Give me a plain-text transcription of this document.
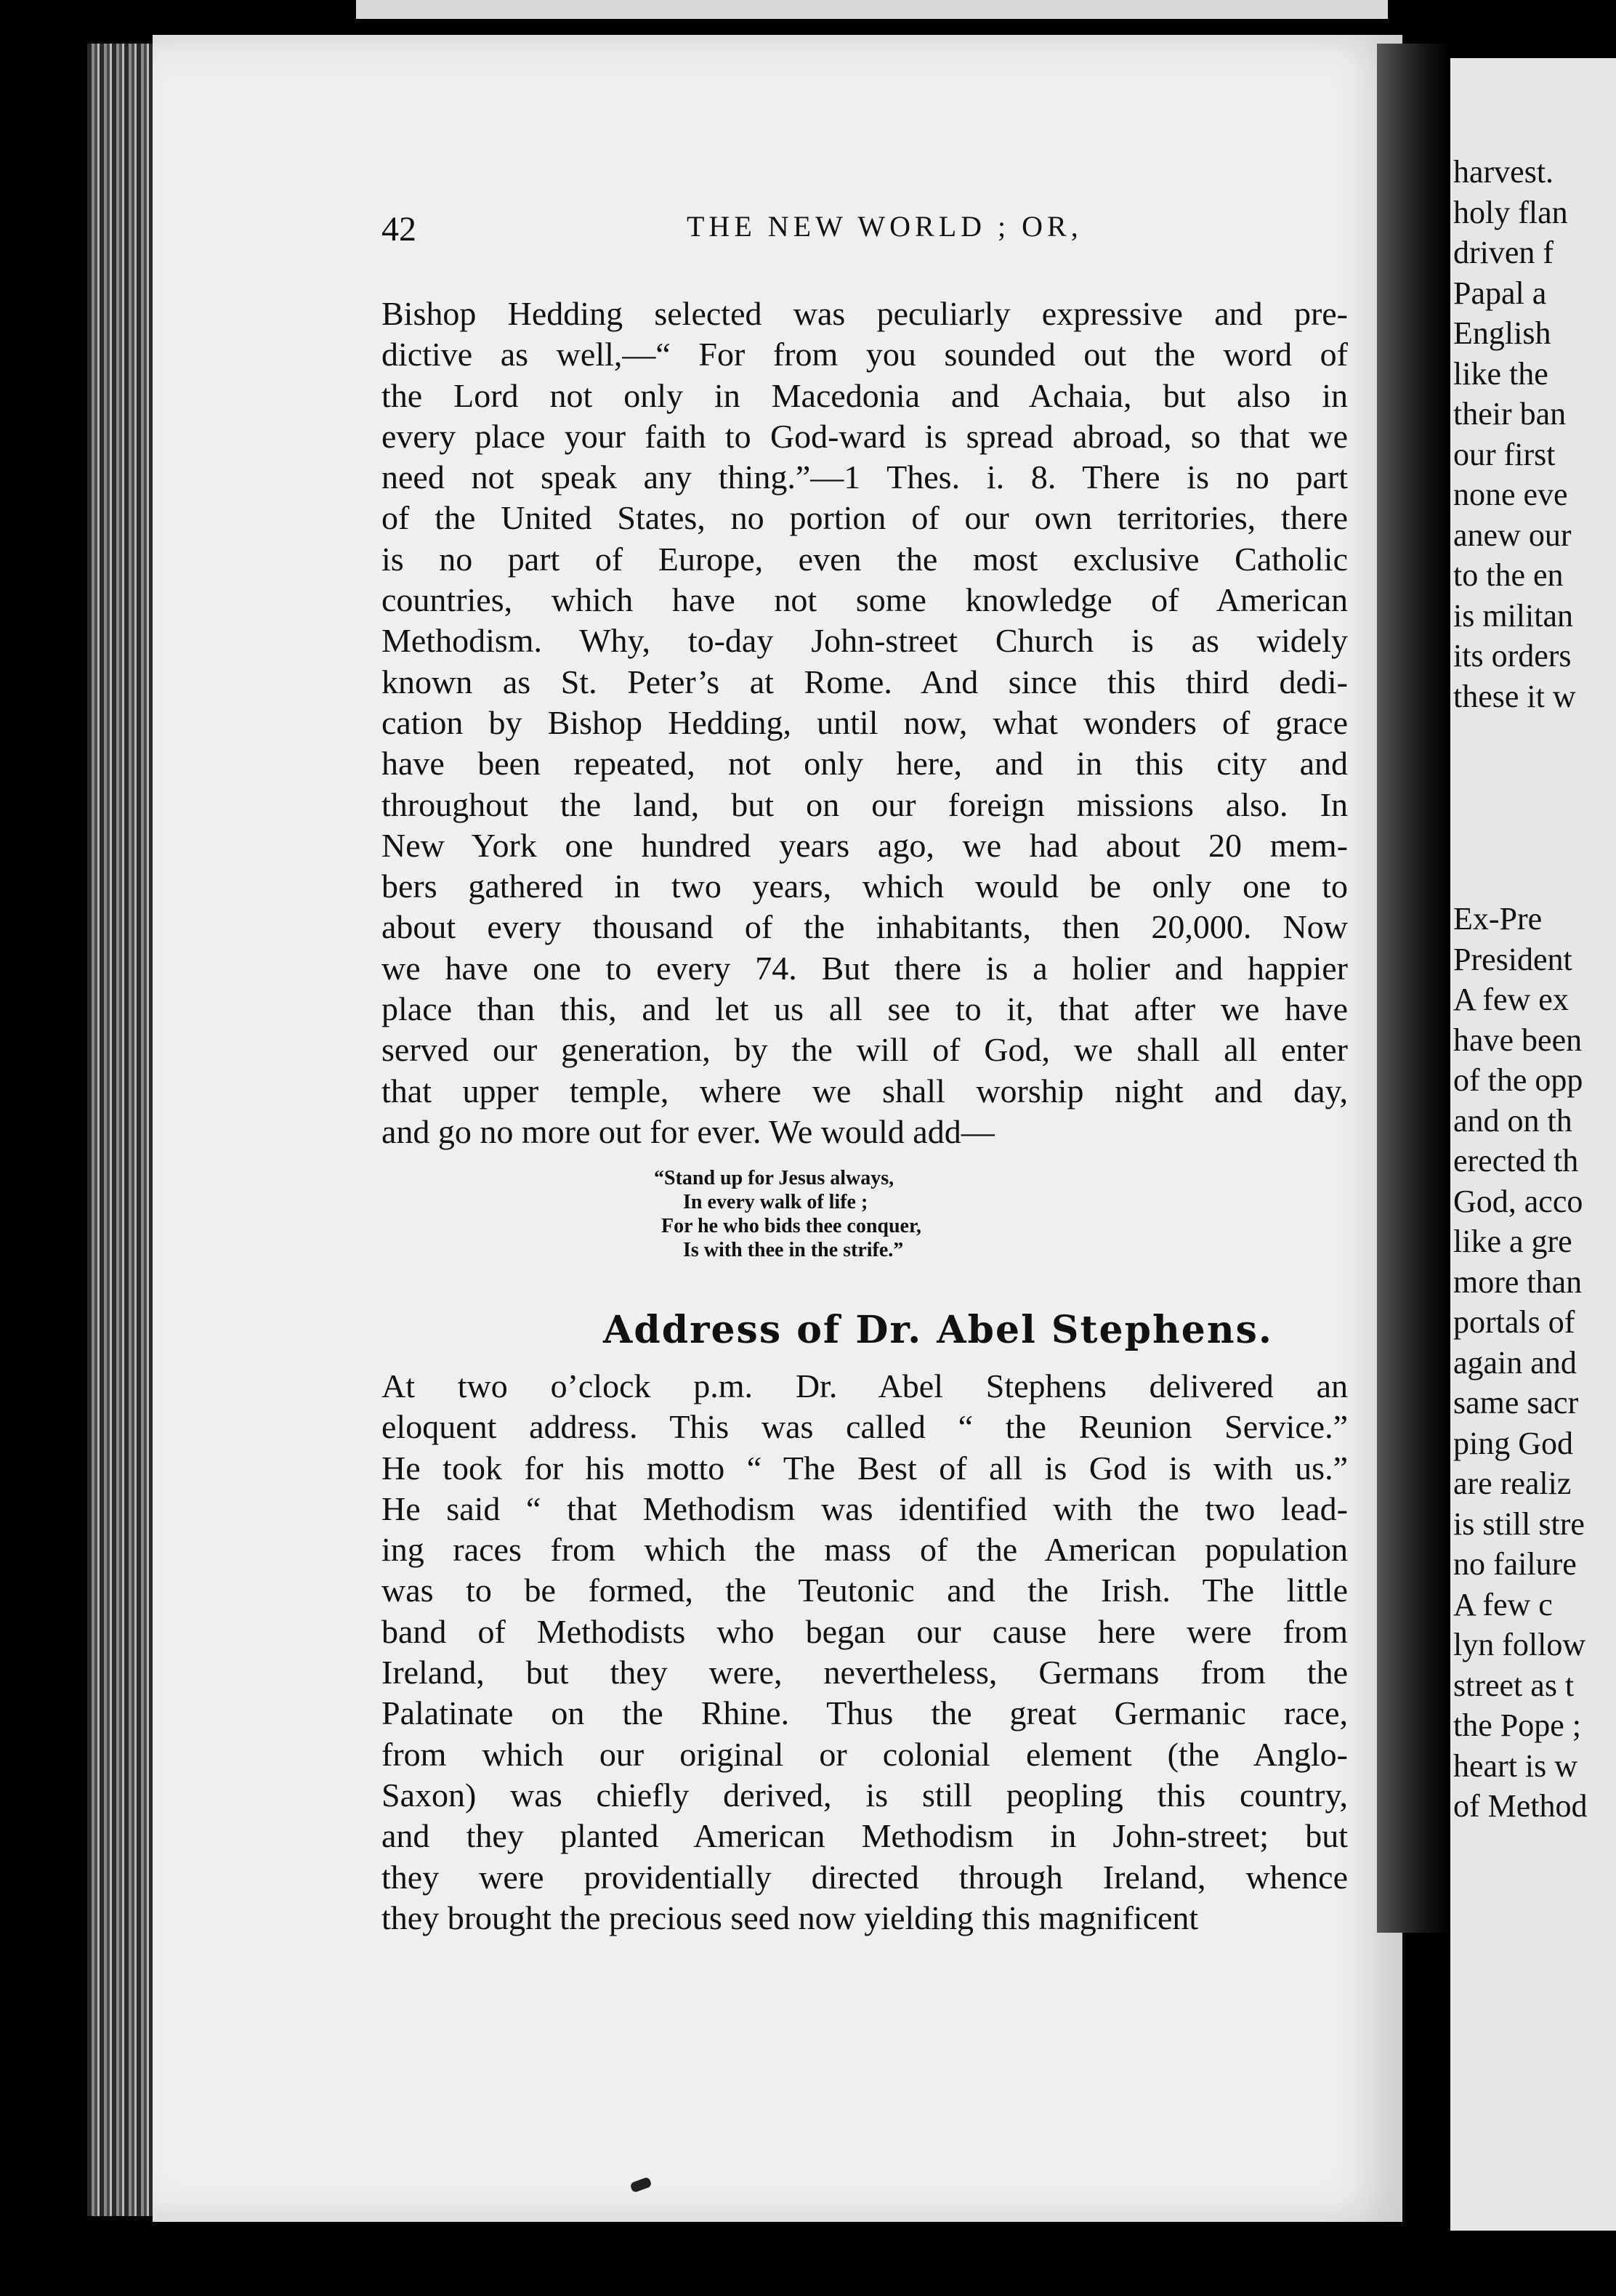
42	THE NEW WORLD ; OR,
Bishop Hedding selected was peculiarly expressive and pre-
dictive as well,—“ For from you sounded out the word of
the Lord not only in Macedonia and Achaia, but also in
every place your faith to God-ward is spread abroad, so that we
need not speak any thing.”—1 Thes. i. 8. There is no part
of the United States, no portion of our own territories, there
is no part of Europe, even the most exclusive Catholic
countries, which have not some knowledge of American
Methodism. Why, to-day John-street Church is as widely
known as St. Peter’s at Rome. And since this third dedi-
cation by Bishop Hedding, until now, what wonders of grace
have been repeated, not only here, and in this city and
throughout the land, but on our foreign missions also. In
New York one hundred years ago, we had about 20 mem-
bers gathered in two years, which would be only one to
about every thousand of the inhabitants, then 20,000. Now
we have one to every 74. But there is a holier and happier
place than this, and let us all see to it, that after we have
served our generation, by the will of God, we shall all enter
that upper temple, where we shall worship night and day,
and go no more out for ever. We would add—
“Stand up for Jesus always,
In every walk of life ;
For he who bids thee conquer,
Is with thee in the strife.”
Address of Dr. Abel Stephens.
At two o’clock p.m. Dr. Abel Stephens delivered an
eloquent address. This was called “ the Reunion Service.”
He took for his motto “ The Best of all is God is with us.”
He said “ that Methodism was identified with the two lead-
ing races from which the mass of the American population
was to be formed, the Teutonic and the Irish. The little
band of Methodists who began our cause here were from
Ireland, but they were, nevertheless, Germans from the
Palatinate on the Rhine. Thus the great Germanic race,
from which our original or colonial element (the Anglo-
Saxon) was chiefly derived, is still peopling this country,
and they planted American Methodism in John-street; but
they were providentially directed through Ireland, whence
they brought the precious seed now yielding this magnificent
harvest.
holy flan
driven f
Papal a
English
like the
their ban
our first
none eve
anew our
to the en
is militan
its orders
these it w
Ex-Pre
President
A few ex
have been
of the opp
and on th
erected th
God, acco
like a gre
more than
portals of
again and
same sacr
ping God
are realiz
is still stre
no failure
A few c
lyn follow
street as t
the Pope ;
heart is w
of Method
